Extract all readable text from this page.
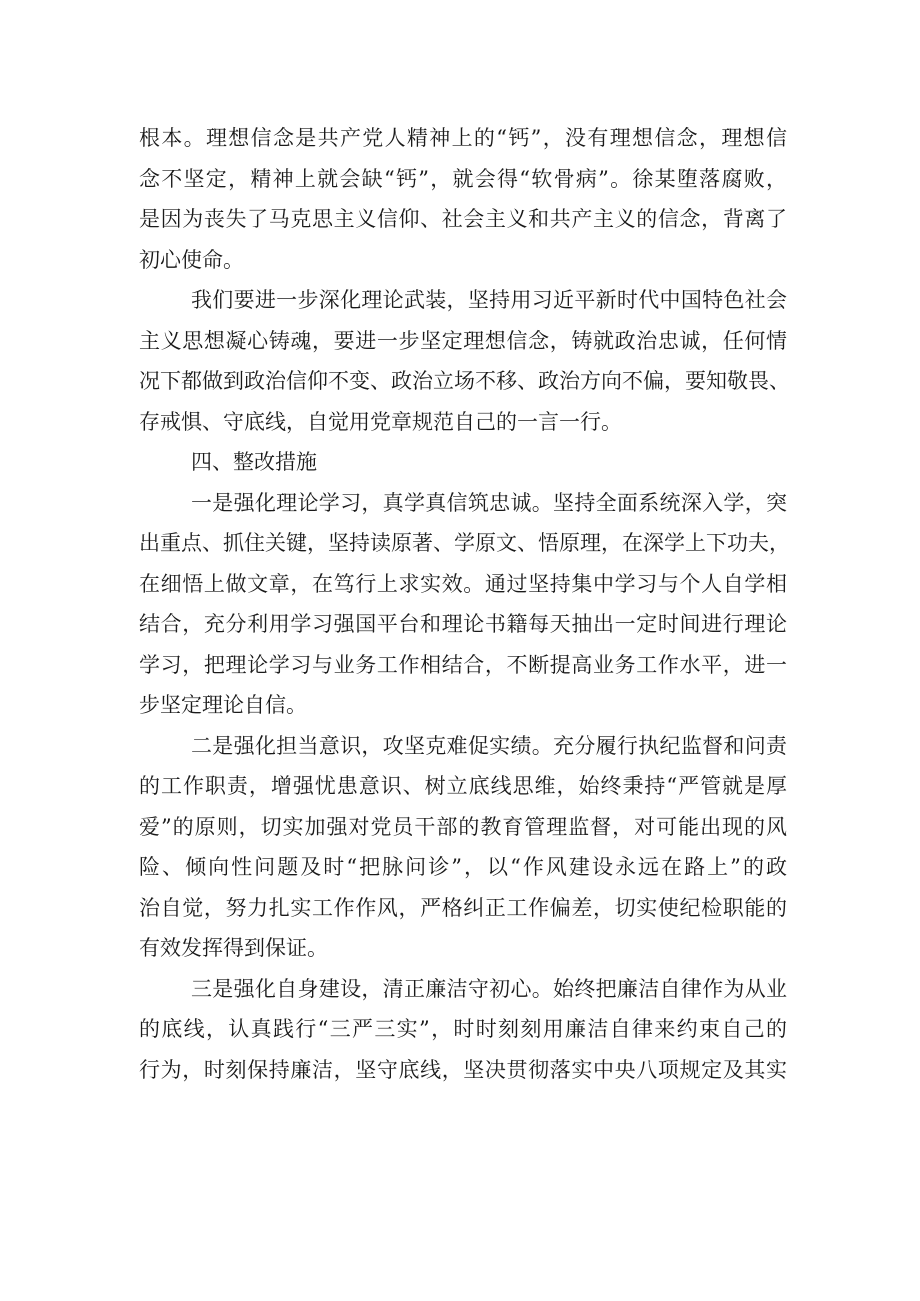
根本。理想信念是共产党人精神上的“钙”，没有理想信念，理想信
念不坚定，精神上就会缺“钙”，就会得“软骨病”。徐某堕落腐败，
是因为丧失了马克思主义信仰、社会主义和共产主义的信念，背离了
初心使命。
我们要进一步深化理论武装，坚持用习近平新时代中国特色社会
主义思想凝心铸魂，要进一步坚定理想信念，铸就政治忠诚，任何情
况下都做到政治信仰不变、政治立场不移、政治方向不偏，要知敬畏、
存戒惧、守底线，自觉用党章规范自己的一言一行。
四、整改措施
一是强化理论学习，真学真信筑忠诚。坚持全面系统深入学，突
出重点、抓住关键，坚持读原著、学原文、悟原理，在深学上下功夫，
在细悟上做文章，在笃行上求实效。通过坚持集中学习与个人自学相
结合，充分利用学习强国平台和理论书籍每天抽出一定时间进行理论
学习，把理论学习与业务工作相结合，不断提高业务工作水平，进一
步坚定理论自信。
二是强化担当意识，攻坚克难促实绩。充分履行执纪监督和问责
的工作职责，增强忧患意识、树立底线思维，始终秉持“严管就是厚
爱”的原则，切实加强对党员干部的教育管理监督，对可能出现的风
险、倾向性问题及时“把脉问诊”，以“作风建设永远在路上”的政
治自觉，努力扎实工作作风，严格纠正工作偏差，切实使纪检职能的
有效发挥得到保证。
三是强化自身建设，清正廉洁守初心。始终把廉洁自律作为从业
的底线，认真践行“三严三实”，时时刻刻用廉洁自律来约束自己的
行为，时刻保持廉洁，坚守底线，坚决贯彻落实中央八项规定及其实
